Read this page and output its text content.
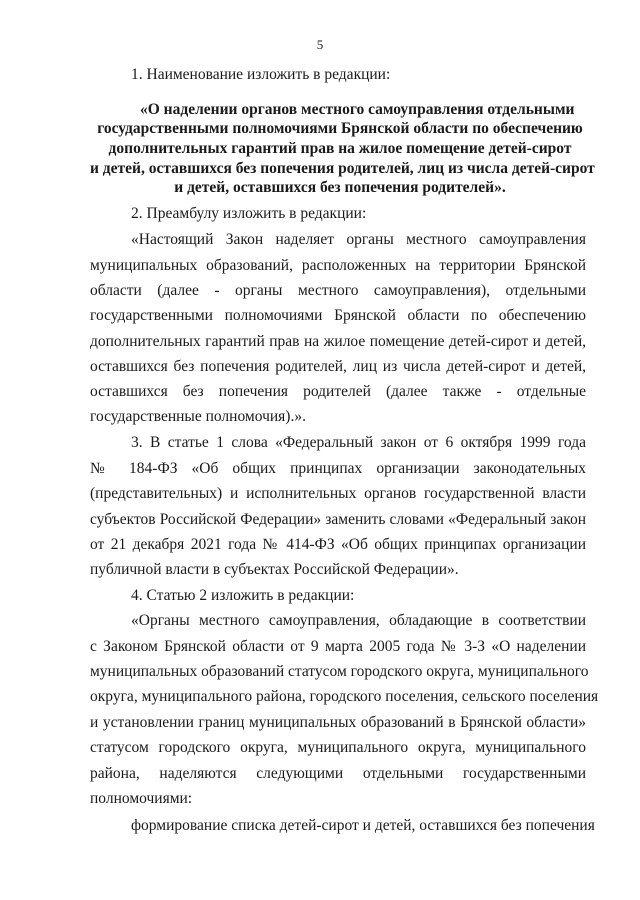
5
1. Наименование изложить в редакции:
«О наделении органов местного самоуправления отдельными
государственными полномочиями Брянской области по обеспечению
дополнительных гарантий прав на жилое помещение детей-сирот
и детей, оставшихся без попечения родителей, лиц из числа детей-сирот
и детей, оставшихся без попечения родителей».
2. Преамбулу изложить в редакции:
«Настоящий Закон наделяет органы местного самоуправления
муниципальных образований, расположенных на территории Брянской
области (далее - органы местного самоуправления), отдельными
государственными полномочиями Брянской области по обеспечению
дополнительных гарантий прав на жилое помещение детей-сирот и детей,
оставшихся без попечения родителей, лиц из числа детей-сирот и детей,
оставшихся без попечения родителей (далее также - отдельные
государственные полномочия).».
3. В статье 1 слова «Федеральный закон от 6 октября 1999 года
№ 184-ФЗ «Об общих принципах организации законодательных
(представительных) и исполнительных органов государственной власти
субъектов Российской Федерации» заменить словами «Федеральный закон
от 21 декабря 2021 года № 414-ФЗ «Об общих принципах организации
публичной власти в субъектах Российской Федерации».
4. Статью 2 изложить в редакции:
«Органы местного самоуправления, обладающие в соответствии
с Законом Брянской области от 9 марта 2005 года № 3-З «О наделении
муниципальных образований статусом городского округа, муниципального
округа, муниципального района, городского поселения, сельского поселения
и установлении границ муниципальных образований в Брянской области»
статусом городского округа, муниципального округа, муниципального
района, наделяются следующими отдельными государственными
полномочиями:
формирование списка детей-сирот и детей, оставшихся без попечения
